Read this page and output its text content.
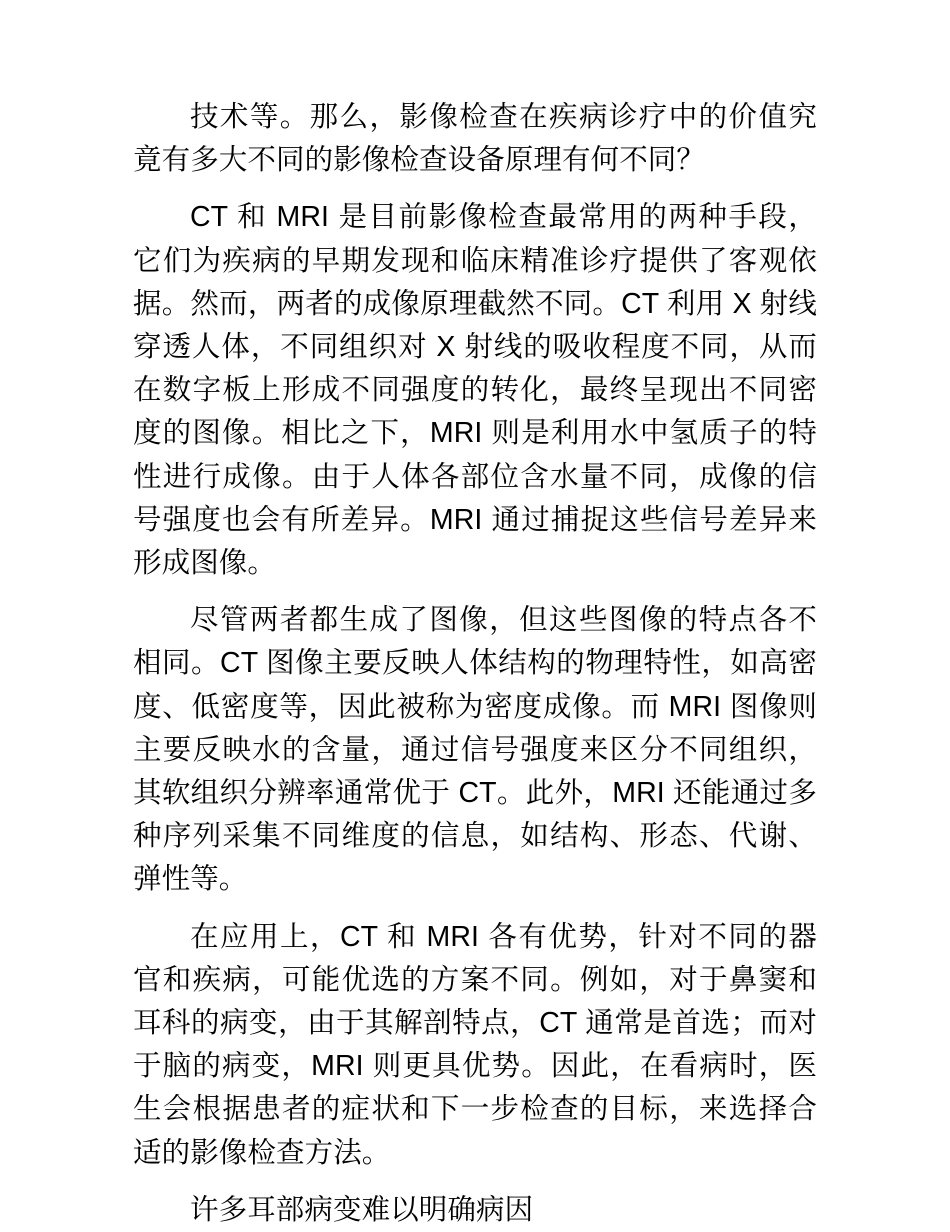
技术等。那么，影像检查在疾病诊疗中的价值究竟有多大不同的影像检查设备原理有何不同？

CT 和 MRI 是目前影像检查最常用的两种手段，它们为疾病的早期发现和临床精准诊疗提供了客观依据。然而，两者的成像原理截然不同。CT 利用 X 射线穿透人体，不同组织对 X 射线的吸收程度不同，从而在数字板上形成不同强度的转化，最终呈现出不同密度的图像。相比之下，MRI 则是利用水中氢质子的特性进行成像。由于人体各部位含水量不同，成像的信号强度也会有所差异。MRI 通过捕捉这些信号差异来形成图像。

尽管两者都生成了图像，但这些图像的特点各不相同。CT 图像主要反映人体结构的物理特性，如高密度、低密度等，因此被称为密度成像。而 MRI 图像则主要反映水的含量，通过信号强度来区分不同组织，其软组织分辨率通常优于 CT。此外，MRI 还能通过多种序列采集不同维度的信息，如结构、形态、代谢、弹性等。

在应用上，CT 和 MRI 各有优势，针对不同的器官和疾病，可能优选的方案不同。例如，对于鼻窦和耳科的病变，由于其解剖特点，CT 通常是首选；而对于脑的病变，MRI 则更具优势。因此，在看病时，医生会根据患者的症状和下一步检查的目标，来选择合适的影像检查方法。

许多耳部病变难以明确病因
